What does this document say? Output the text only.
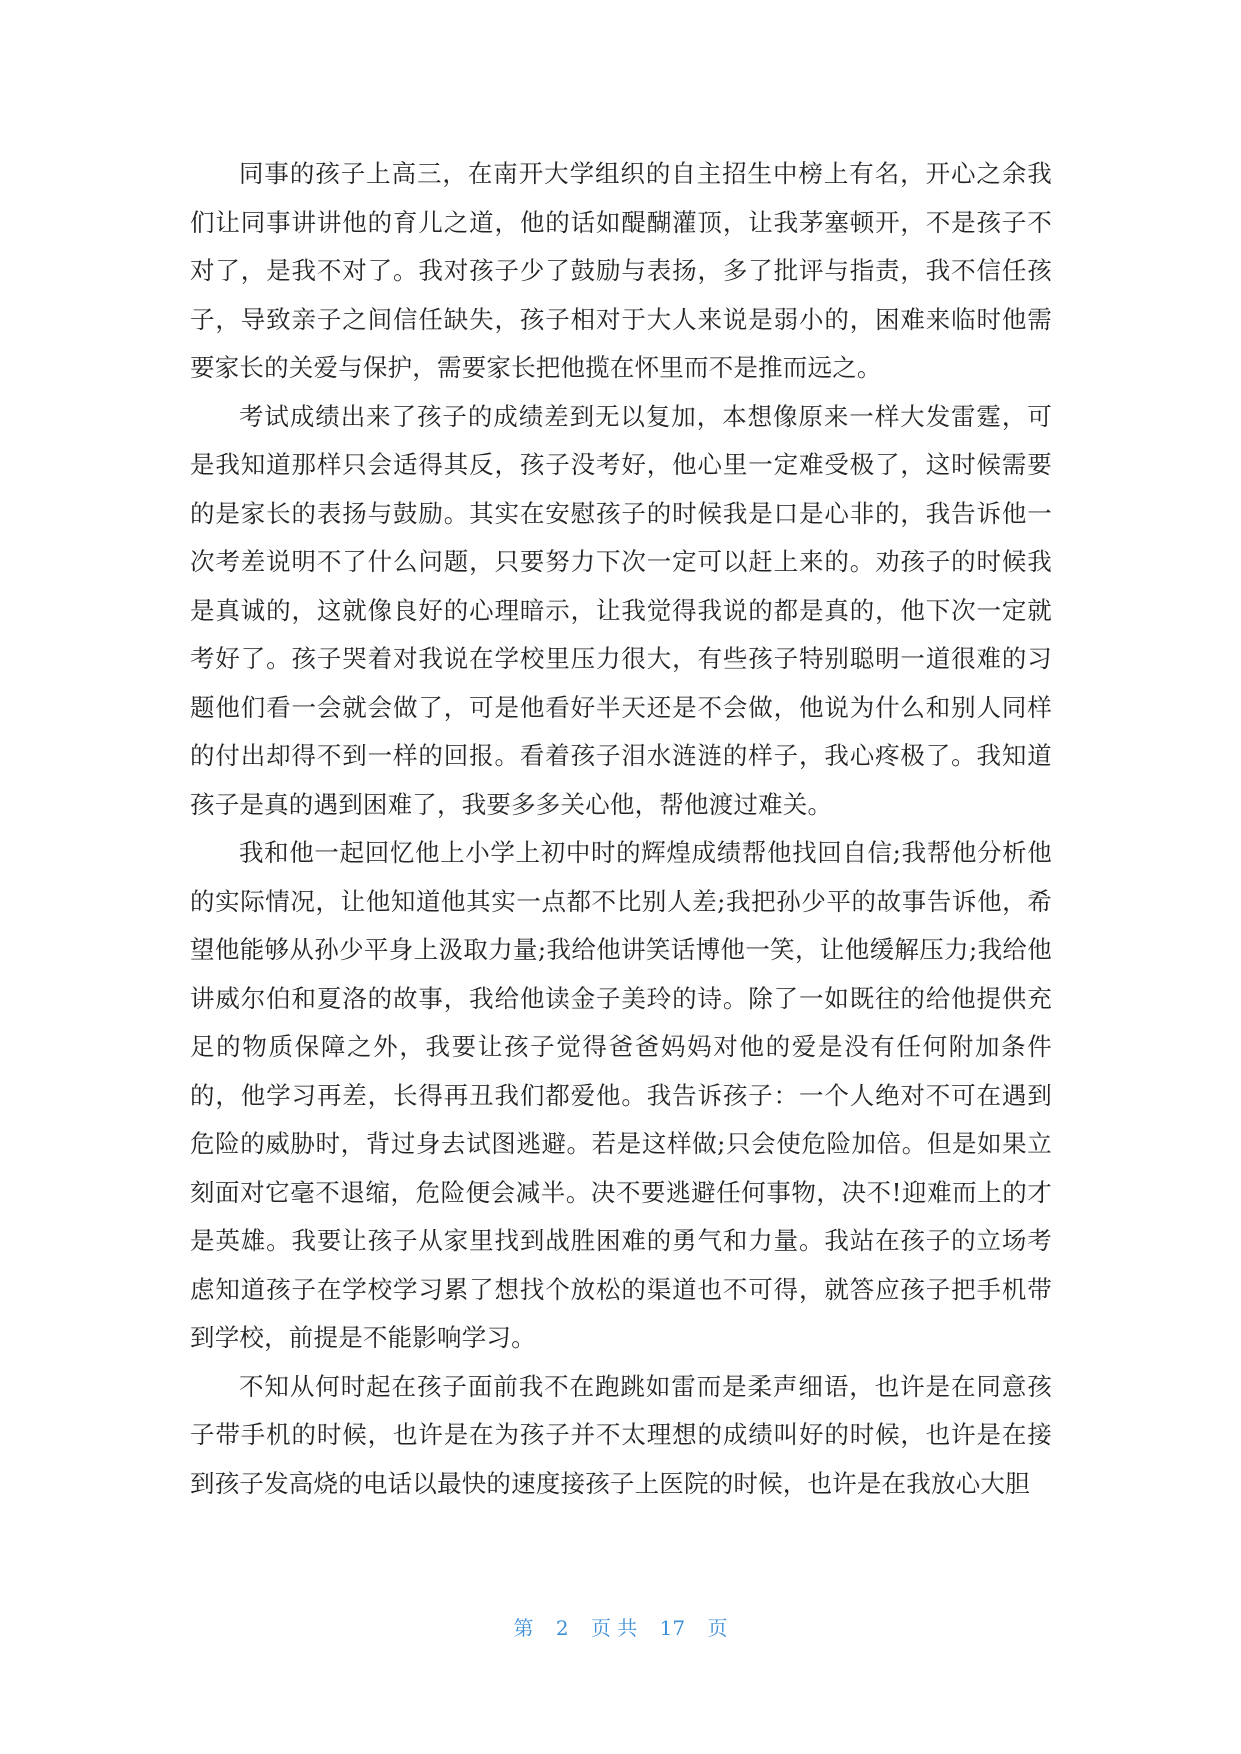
同事的孩子上高三，在南开大学组织的自主招生中榜上有名，开心之余我们让同事讲讲他的育儿之道，他的话如醍醐灌顶，让我茅塞顿开，不是孩子不对了，是我不对了。我对孩子少了鼓励与表扬，多了批评与指责，我不信任孩子，导致亲子之间信任缺失，孩子相对于大人来说是弱小的，困难来临时他需要家长的关爱与保护，需要家长把他揽在怀里而不是推而远之。

考试成绩出来了孩子的成绩差到无以复加，本想像原来一样大发雷霆，可是我知道那样只会适得其反，孩子没考好，他心里一定难受极了，这时候需要的是家长的表扬与鼓励。其实在安慰孩子的时候我是口是心非的，我告诉他一次考差说明不了什么问题，只要努力下次一定可以赶上来的。劝孩子的时候我是真诚的，这就像良好的心理暗示，让我觉得我说的都是真的，他下次一定就考好了。孩子哭着对我说在学校里压力很大，有些孩子特别聪明一道很难的习题他们看一会就会做了，可是他看好半天还是不会做，他说为什么和别人同样的付出却得不到一样的回报。看着孩子泪水涟涟的样子，我心疼极了。我知道孩子是真的遇到困难了，我要多多关心他，帮他渡过难关。

我和他一起回忆他上小学上初中时的辉煌成绩帮他找回自信;我帮他分析他的实际情况，让他知道他其实一点都不比别人差;我把孙少平的故事告诉他，希望他能够从孙少平身上汲取力量;我给他讲笑话博他一笑，让他缓解压力;我给他讲威尔伯和夏洛的故事，我给他读金子美玲的诗。除了一如既往的给他提供充足的物质保障之外，我要让孩子觉得爸爸妈妈对他的爱是没有任何附加条件的，他学习再差，长得再丑我们都爱他。我告诉孩子：一个人绝对不可在遇到危险的威胁时，背过身去试图逃避。若是这样做;只会使危险加倍。但是如果立刻面对它毫不退缩，危险便会减半。决不要逃避任何事物，决不!迎难而上的才是英雄。我要让孩子从家里找到战胜困难的勇气和力量。我站在孩子的立场考虑知道孩子在学校学习累了想找个放松的渠道也不可得，就答应孩子把手机带到学校，前提是不能影响学习。

不知从何时起在孩子面前我不在跑跳如雷而是柔声细语，也许是在同意孩子带手机的时候，也许是在为孩子并不太理想的成绩叫好的时候，也许是在接到孩子发高烧的电话以最快的速度接孩子上医院的时候，也许是在我放心大胆

第 2 页 共 17 页
